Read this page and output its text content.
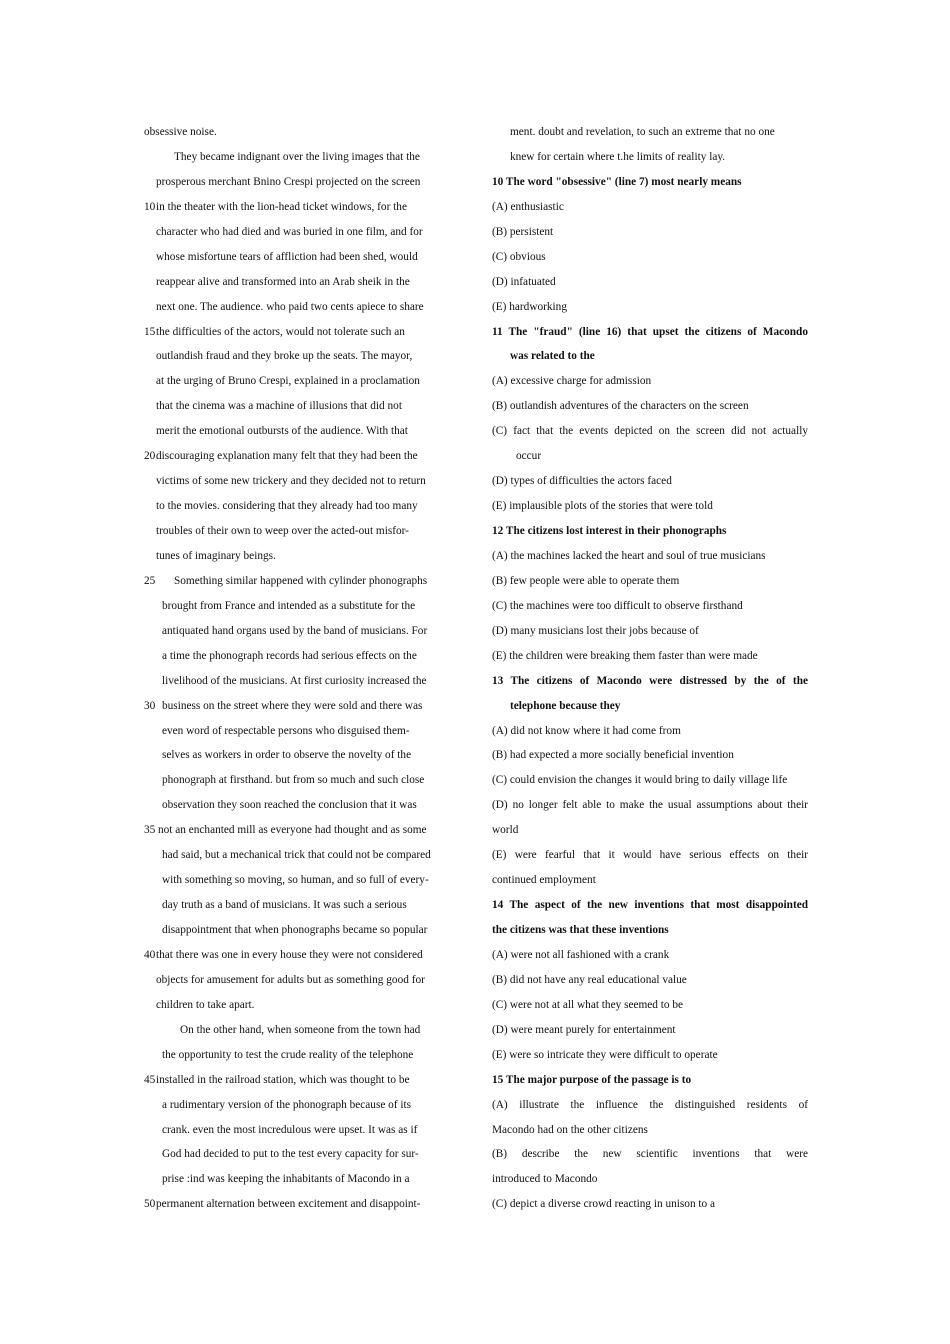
obsessive noise.
They became indignant over the living images that the
prosperous merchant Bnino Crespi projected on the screen
10 in the theater with the lion-head ticket windows, for the
character who had died and was buried in one film, and for
whose misfortune tears of affliction had been shed, would
reappear alive and transformed into an Arab sheik in the
next one. The audience. who paid two cents apiece to share
15 the difficulties of the actors, would not tolerate such an
outlandish fraud and they broke up the seats. The mayor,
at the urging of Bruno Crespi, explained in a proclamation
that the cinema was a machine of illusions that did not
merit the emotional outbursts of the audience. With that
20 discouraging explanation many felt that they had been the
victims of some new trickery and they decided not to return
to the movies. considering that they already had too many
troubles of their own to weep over the acted-out misfor-
tunes of imaginary beings.
25 Something similar happened with cylinder phonographs
brought from France and intended as a substitute for the
antiquated hand organs used by the band of musicians. For
a time the phonograph records had serious effects on the
livelihood of the musicians. At first curiosity increased the
30 business on the street where they were sold and there was
even word of respectable persons who disguised them-
selves as workers in order to observe the novelty of the
phonograph at firsthand. but from so much and such close
observation they soon reached the conclusion that it was
35 not an enchanted mill as everyone had thought and as some
had said, but a mechanical trick that could not be compared
with something so moving, so human, and so full of every-
day truth as a band of musicians. It was such a serious
disappointment that when phonographs became so popular
40 that there was one in every house they were not considered
objects for amusement for adults but as something good for
children to take apart.
On the other hand, when someone from the town had
the opportunity to test the crude reality of the telephone
45 installed in the railroad station, which was thought to be
a rudimentary version of the phonograph because of its
crank. even the most incredulous were upset. It was as if
God had decided to put to the test every capacity for sur-
prise :ind was keeping the inhabitants of Macondo in a
50 permanent alternation between excitement and disappoint-
ment. doubt and revelation, to such an extreme that no one
knew for certain where t.he limits of reality lay.
10 The word "obsessive" (line 7) most nearly means
(A) enthusiastic
(B) persistent
(C) obvious
(D) infatuated
(E) hardworking
11 The "fraud" (line 16) that upset the citizens of Macondo
was related to the
(A) excessive charge for admission
(B) outlandish adventures of the characters on the screen
(C) fact that the events depicted on the screen did not actually
occur
(D) types of difficulties the actors faced
(E) implausible plots of the stories that were told
12 The citizens lost interest in their phonographs
(A) the machines lacked the heart and soul of true musicians
(B) few people were able to operate them
(C) the machines were too difficult to observe firsthand
(D) many musicians lost their jobs because of
(E) the children were breaking them faster than were made
13 The citizens of Macondo were distressed by the of the
telephone because they
(A) did not know where it had come from
(B) had expected a more socially beneficial invention
(C) could envision the changes it would bring to daily village life
(D) no longer felt able to make the usual assumptions about their
world
(E) were fearful that it would have serious effects on their
continued employment
14 The aspect of the new inventions that most disappointed
the citizens was that these inventions
(A) were not all fashioned with a crank
(B) did not have any real educational value
(C) were not at all what they seemed to be
(D) were meant purely for entertainment
(E) were so intricate they were difficult to operate
15 The major purpose of the passage is to
(A) illustrate the influence the distinguished residents of
Macondo had on the other citizens
(B) describe the new scientific inventions that were
introduced to Macondo
(C) depict a diverse crowd reacting in unison to a
